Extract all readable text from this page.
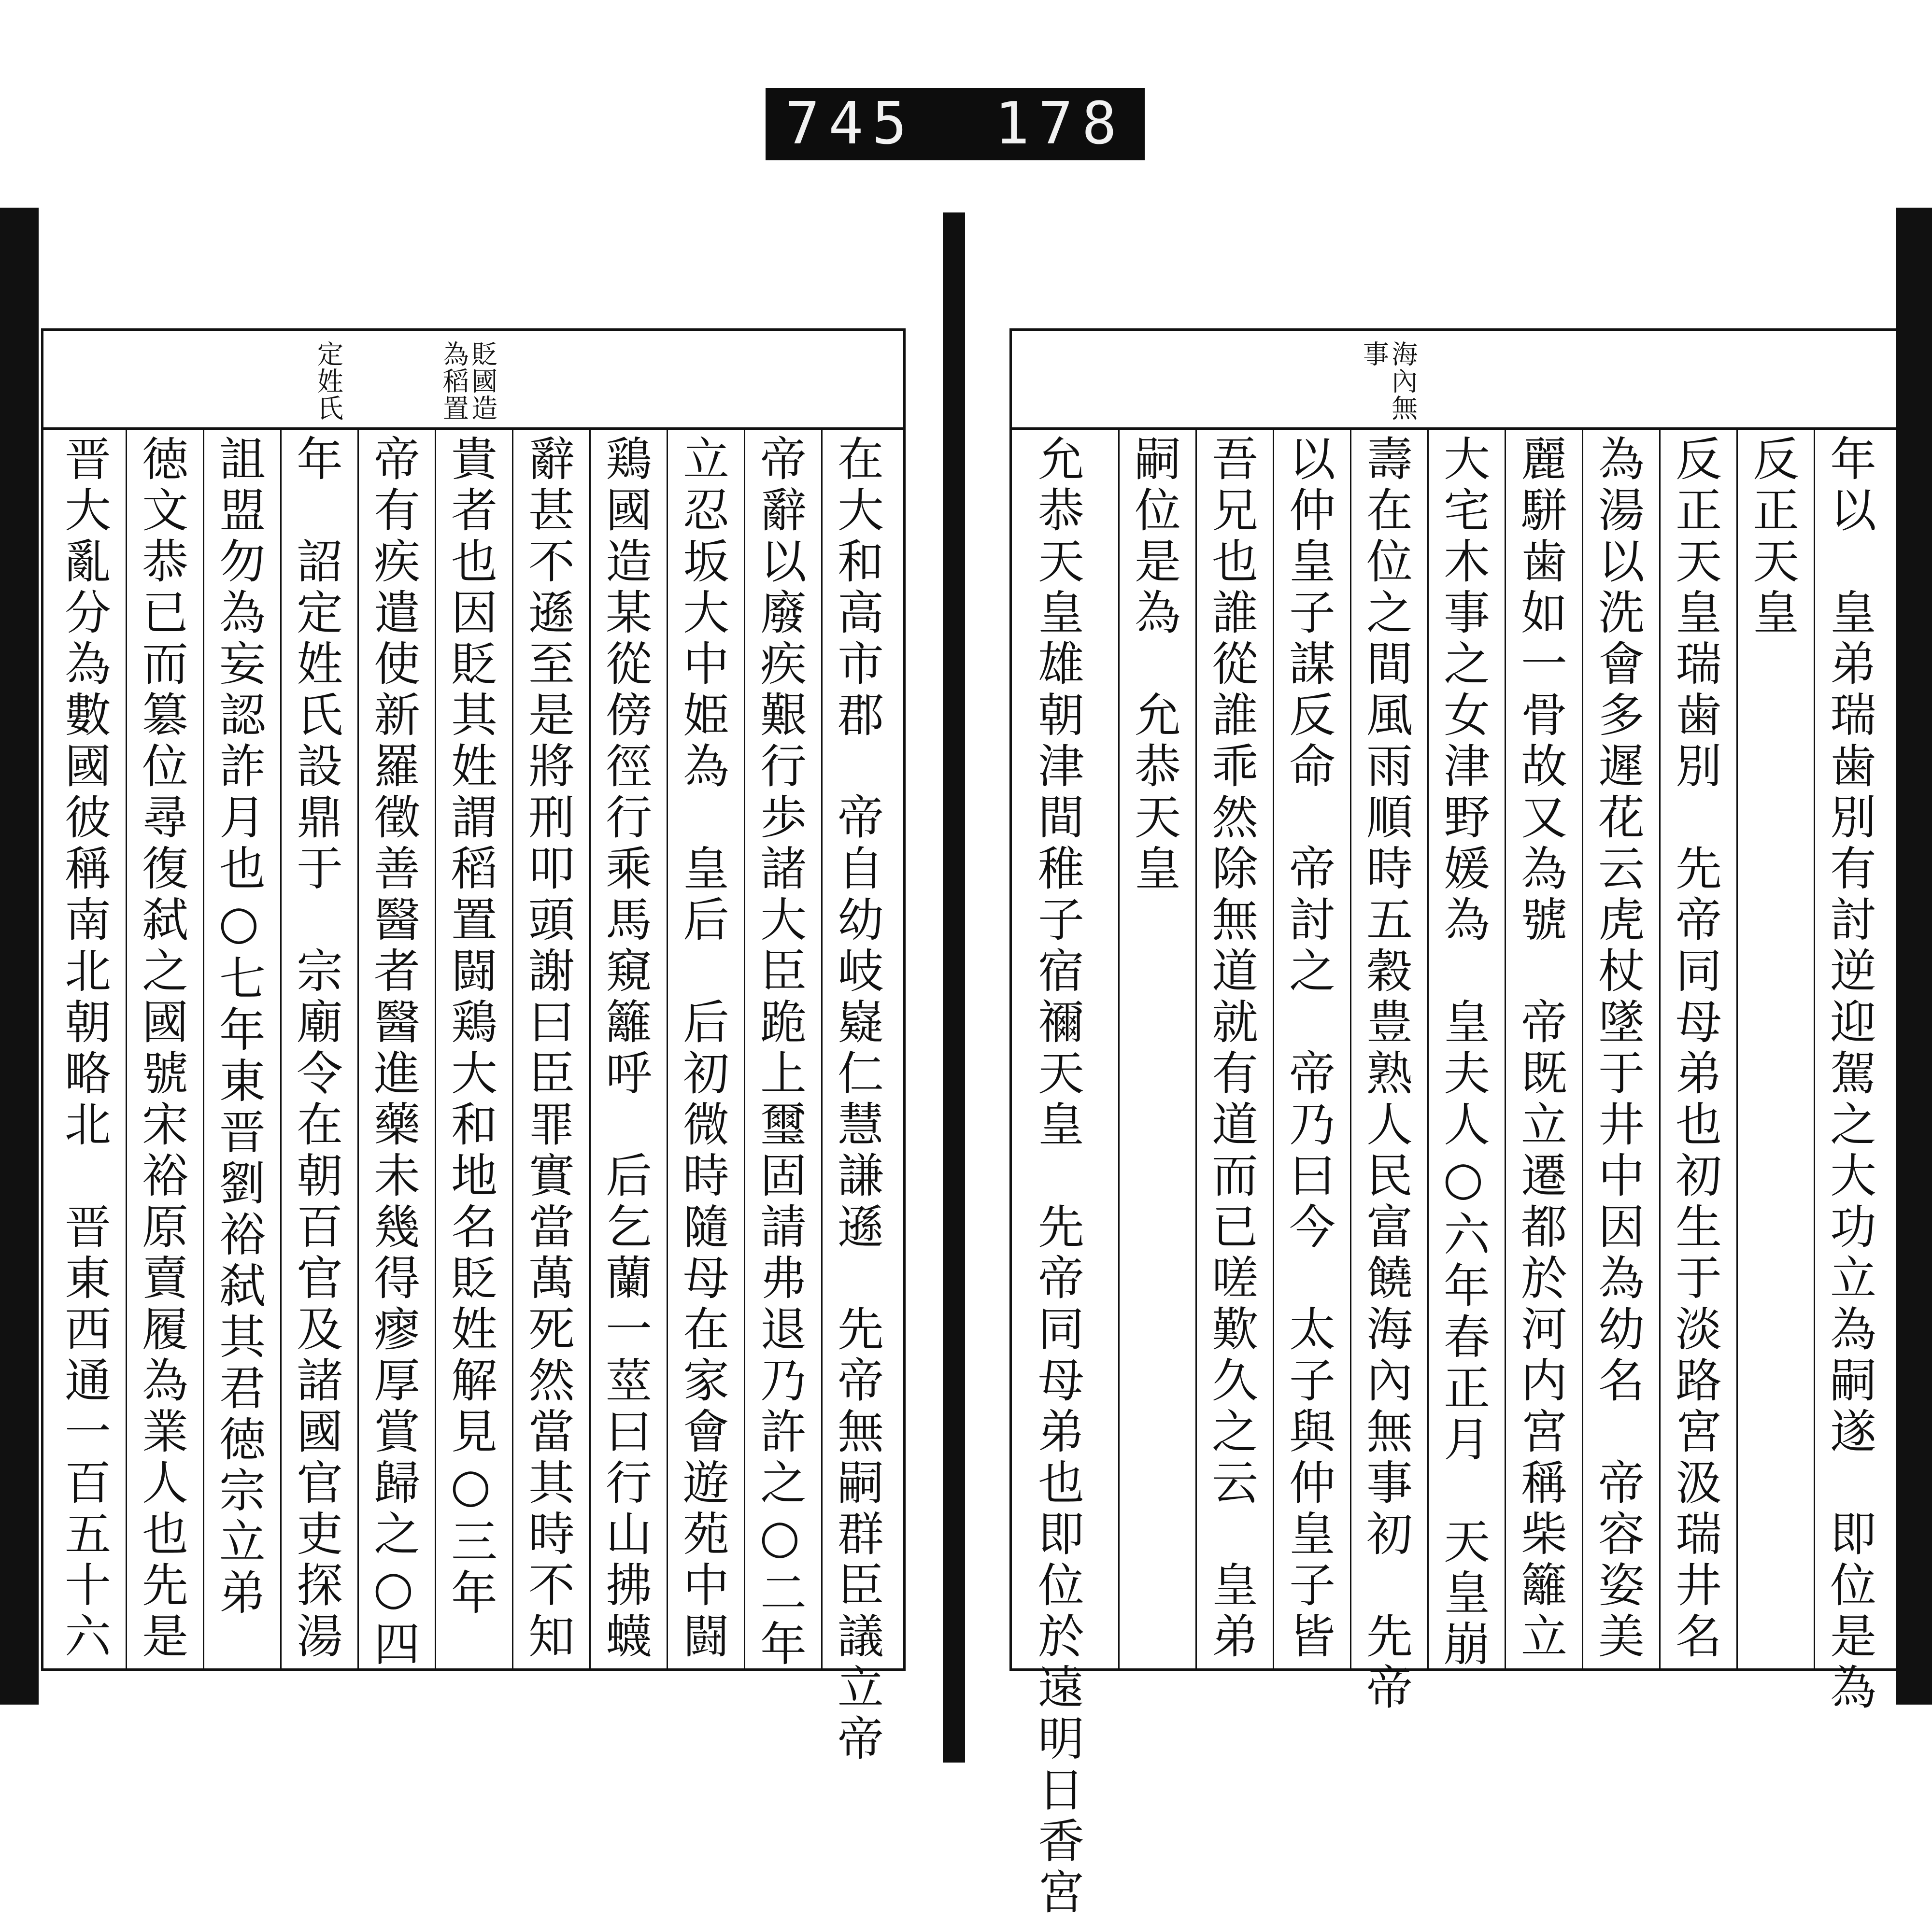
745 178
定姓氏	貶國造為稻置
在大和高市郡　帝自幼岐嶷仁慧謙遜　先帝無嗣群臣議立帝
帝辭以廢疾艱行歩諸大臣跪上璽固請弗退乃許之○二年
立忍坂大中姫為　皇后　后初微時隨母在家會遊苑中闘
鶏國造某從傍徑行乘馬窺籬呼　后乞蘭一莖曰行山拂蠛
辭甚不遜至是將刑叩頭謝曰臣罪實當萬死然當其時不知
貴者也因貶其姓謂稻置闘鶏大和地名貶姓解見○三年
帝有疾遣使新羅徵善醫者醫進藥未幾得瘳厚賞歸之○四
年　詔定姓氏設鼎于　宗廟令在朝百官及諸國官吏探湯
詛盟勿為妄認詐月也○七年東晋劉裕弑其君徳宗立弟
徳文恭已而簒位尋復弑之國號宋裕原賣履為業人也先是
晋大亂分為數國彼稱南北朝略北　晋東西通一百五十六
海內無事
年以　皇弟瑞歯別有討逆迎駕之大功立為嗣遂　即位是為
反正天皇
反正天皇瑞歯別　先帝同母弟也初生于淡路宮汲瑞井名
為湯以洗會多遲花云虎杖墜于井中因為幼名　帝容姿美
麗駢歯如一骨故又為號　帝既立遷都於河内宮稱柴籬立
大宅木事之女津野媛為　皇夫人○六年春正月　天皇崩
壽在位之間風雨順時五穀豊熟人民富饒海內無事初　先帝
以仲皇子謀反命　帝討之　帝乃曰今　太子與仲皇子皆
吾兄也誰從誰乖然除無道就有道而已嗟歎久之云　皇弟
嗣位是為　允恭天皇
允恭天皇雄朝津間稚子宿禰天皇　先帝同母弟也即位於遠明日香宮
